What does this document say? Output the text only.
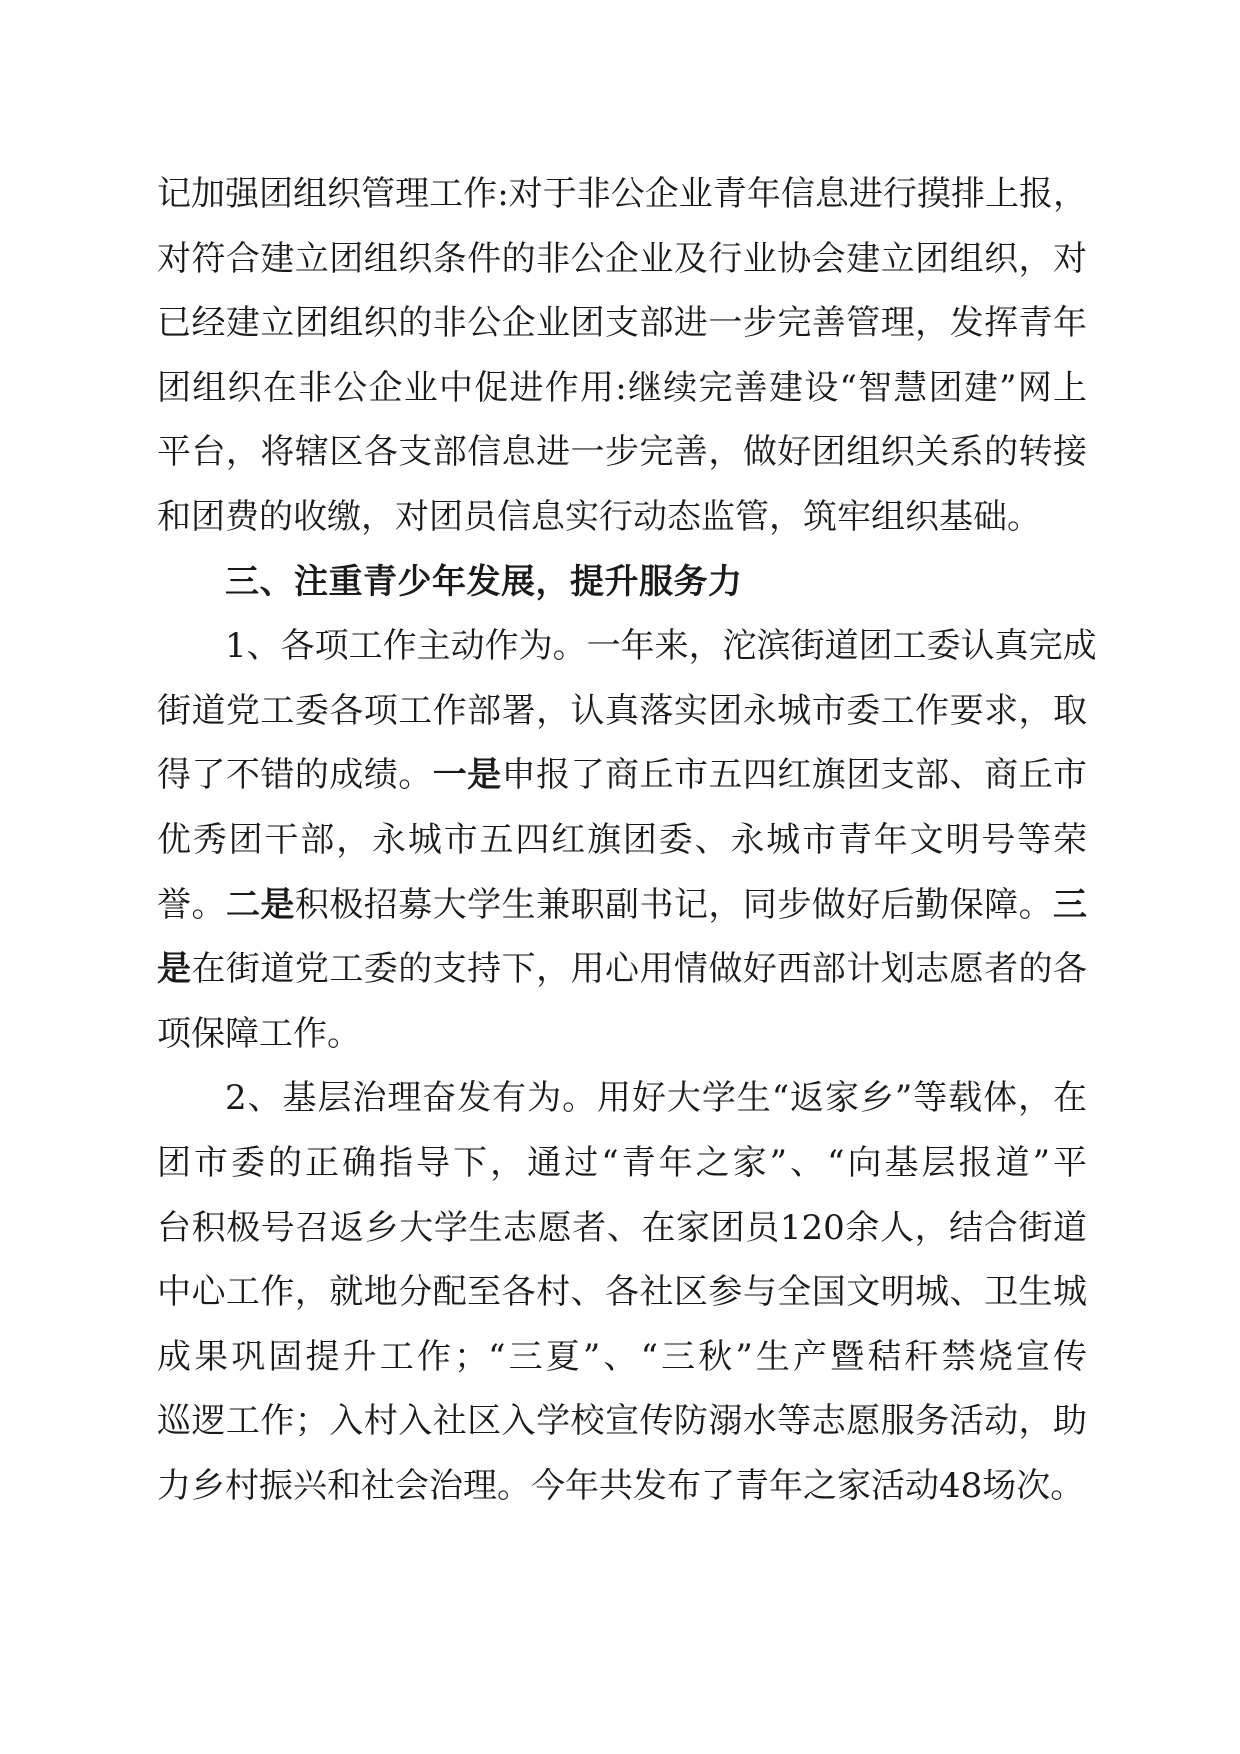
记加强团组织管理工作:对于非公企业青年信息进行摸排上报，
对符合建立团组织条件的非公企业及行业协会建立团组织，对
已经建立团组织的非公企业团支部进一步完善管理，发挥青年
团组织在非公企业中促进作用:继续完善建设“智慧团建”网上
平台，将辖区各支部信息进一步完善，做好团组织关系的转接
和团费的收缴，对团员信息实行动态监管，筑牢组织基础。
三、注重青少年发展，提升服务力
1、各项工作主动作为。一年来，沱滨街道团工委认真完成
街道党工委各项工作部署，认真落实团永城市委工作要求，取
得了不错的成绩。一是申报了商丘市五四红旗团支部、商丘市
优秀团干部，永城市五四红旗团委、永城市青年文明号等荣
誉。二是积极招募大学生兼职副书记，同步做好后勤保障。三
是在街道党工委的支持下，用心用情做好西部计划志愿者的各
项保障工作。
2、基层治理奋发有为。用好大学生“返家乡”等载体，在
团市委的正确指导下，通过“青年之家”、“向基层报道”平
台积极号召返乡大学生志愿者、在家团员120余人，结合街道
中心工作，就地分配至各村、各社区参与全国文明城、卫生城
成果巩固提升工作；“三夏”、“三秋”生产暨秸秆禁烧宣传
巡逻工作；入村入社区入学校宣传防溺水等志愿服务活动，助
力乡村振兴和社会治理。今年共发布了青年之家活动48场次。
